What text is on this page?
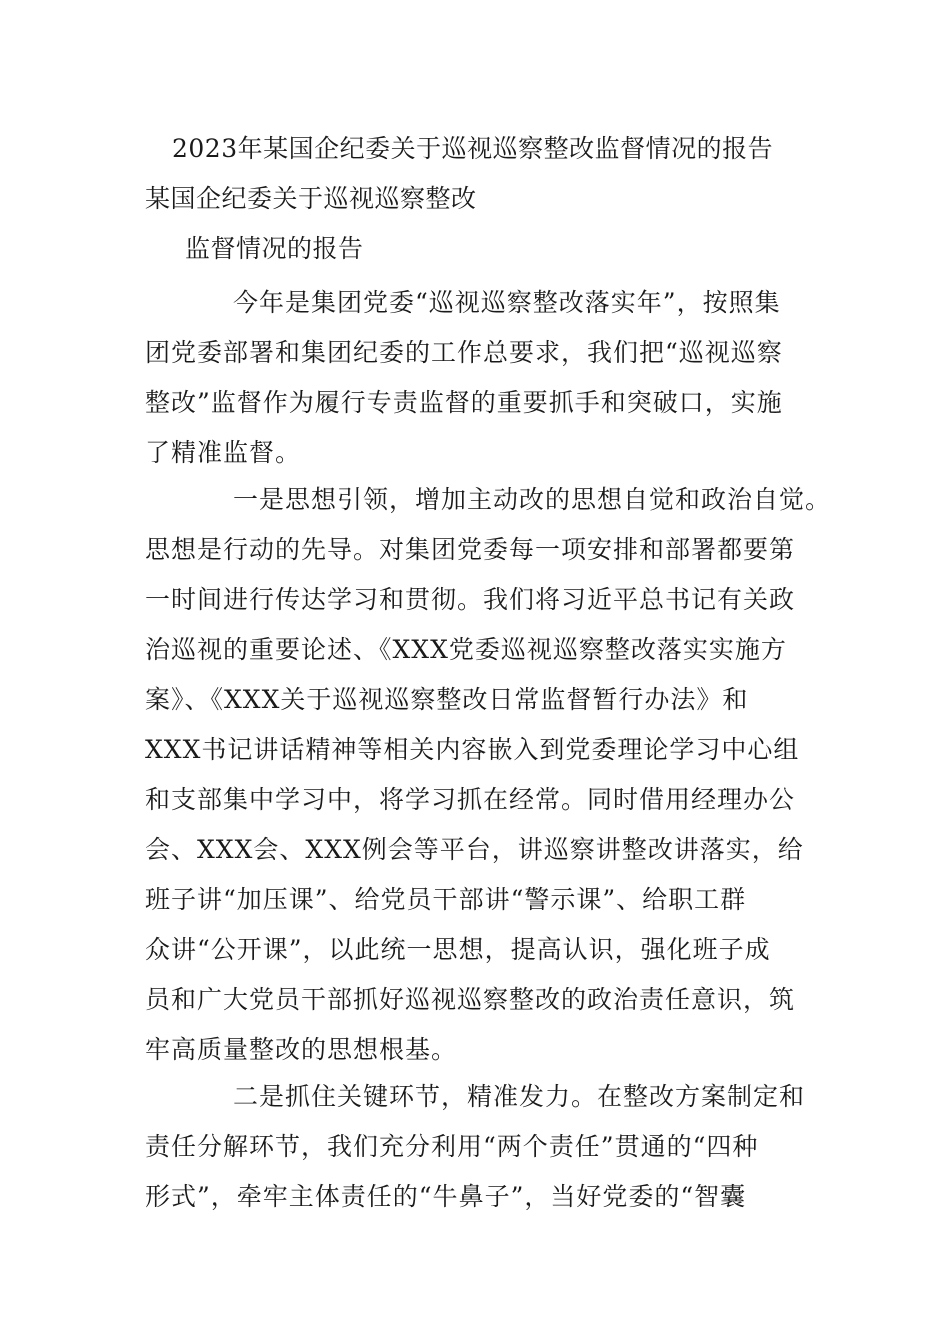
2023年某国企纪委关于巡视巡察整改监督情况的报告
某国企纪委关于巡视巡察整改
监督情况的报告
今年是集团党委“巡视巡察整改落实年”，按照集
团党委部署和集团纪委的工作总要求，我们把“巡视巡察
整改”监督作为履行专责监督的重要抓手和突破口，实施
了精准监督。
一是思想引领，增加主动改的思想自觉和政治自觉。
思想是行动的先导。对集团党委每一项安排和部署都要第
一时间进行传达学习和贯彻。我们将习近平总书记有关政
治巡视的重要论述、《XXX党委巡视巡察整改落实实施方
案》、《XXX关于巡视巡察整改日常监督暂行办法》和
XXX书记讲话精神等相关内容嵌入到党委理论学习中心组
和支部集中学习中，将学习抓在经常。同时借用经理办公
会、XXX会、XXX例会等平台，讲巡察讲整改讲落实，给
班子讲“加压课”、给党员干部讲“警示课”、给职工群
众讲“公开课”，以此统一思想，提高认识，强化班子成
员和广大党员干部抓好巡视巡察整改的政治责任意识，筑
牢高质量整改的思想根基。
二是抓住关键环节，精准发力。在整改方案制定和
责任分解环节，我们充分利用“两个责任”贯通的“四种
形式”，牵牢主体责任的“牛鼻子”，当好党委的“智囊
